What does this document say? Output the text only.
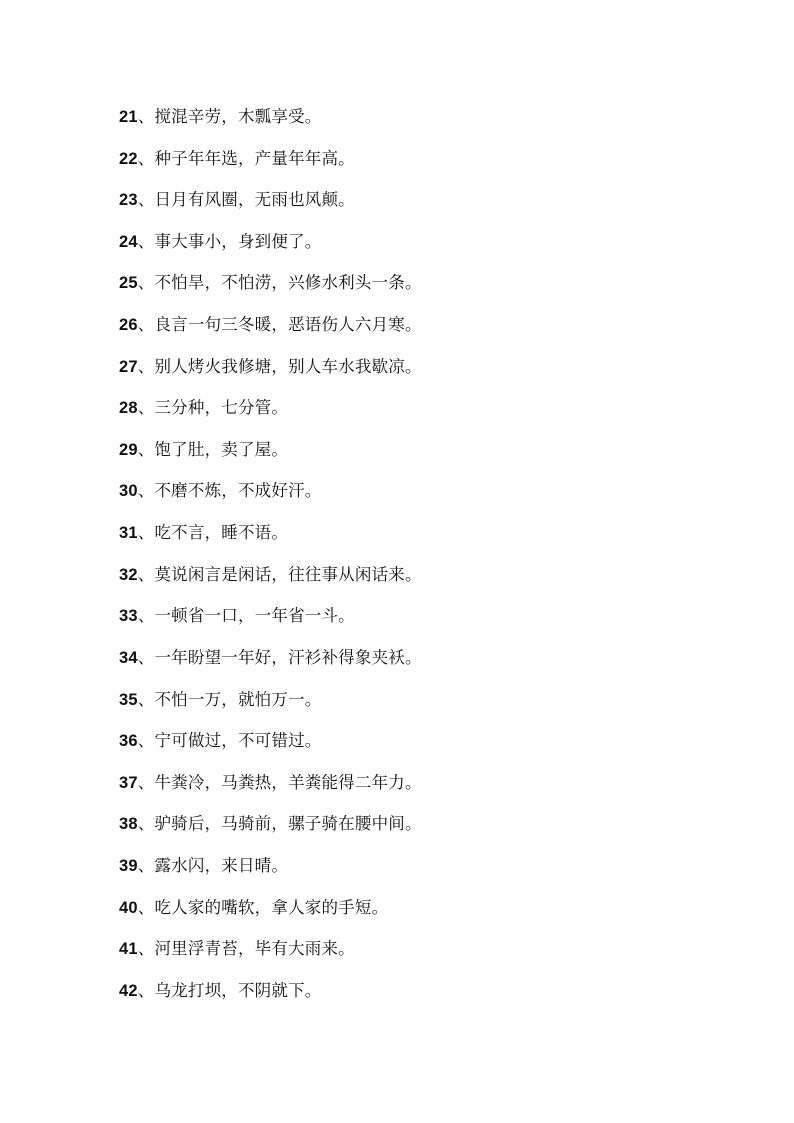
21、搅混辛劳，木瓢享受。
22、种子年年选，产量年年高。
23、日月有风圈，无雨也风颠。
24、事大事小，身到便了。
25、不怕旱，不怕涝，兴修水利头一条。
26、良言一句三冬暖，恶语伤人六月寒。
27、别人烤火我修塘，别人车水我歇凉。
28、三分种，七分管。
29、饱了肚，卖了屋。
30、不磨不炼，不成好汗。
31、吃不言，睡不语。
32、莫说闲言是闲话，往往事从闲话来。
33、一顿省一口，一年省一斗。
34、一年盼望一年好，汗衫补得象夹袄。
35、不怕一万，就怕万一。
36、宁可做过，不可错过。
37、牛粪冷，马粪热，羊粪能得二年力。
38、驴骑后，马骑前，骡子骑在腰中间。
39、露水闪，来日晴。
40、吃人家的嘴软，拿人家的手短。
41、河里浮青苔，毕有大雨来。
42、乌龙打坝，不阴就下。
